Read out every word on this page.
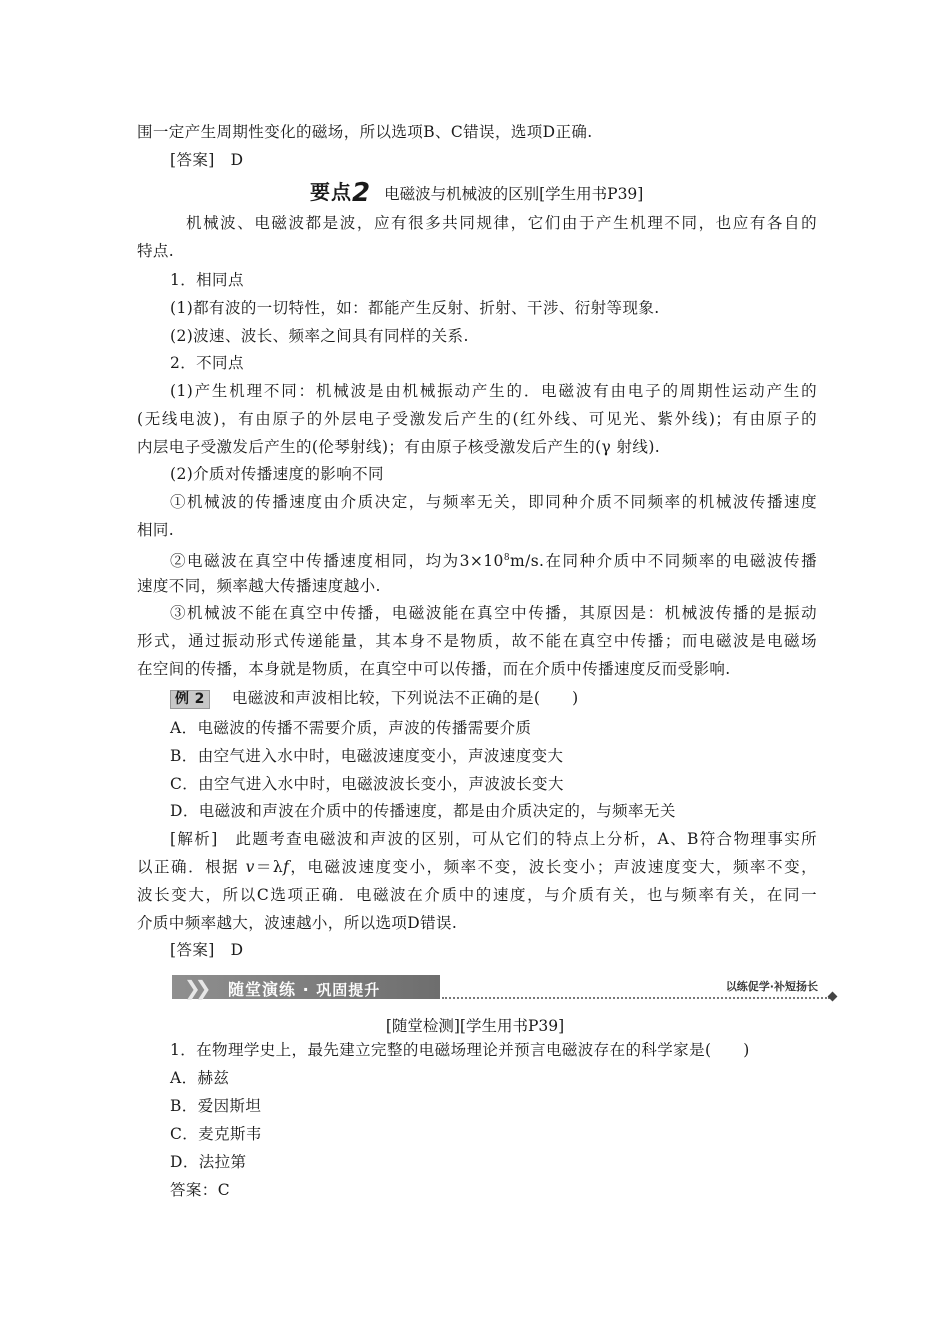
围一定产生周期性变化的磁场，所以选项B、C错误，选项D正确.
[答案]　D
要点2 电磁波与机械波的区别[学生用书P39]
机械波、电磁波都是波，应有很多共同规律，它们由于产生机理不同，也应有各自的
特点.
1．相同点
(1)都有波的一切特性，如：都能产生反射、折射、干涉、衍射等现象.
(2)波速、波长、频率之间具有同样的关系.
2．不同点
(1)产生机理不同：机械波是由机械振动产生的．电磁波有由电子的周期性运动产生的
(无线电波)，有由原子的外层电子受激发后产生的(红外线、可见光、紫外线)；有由原子的
内层电子受激发后产生的(伦琴射线)；有由原子核受激发后产生的(γ 射线).
(2)介质对传播速度的影响不同
①机械波的传播速度由介质决定，与频率无关，即同种介质不同频率的机械波传播速度
相同.
②电磁波在真空中传播速度相同，均为$3\times 10^8m/s$.在同种介质中不同频率的电磁波传播
速度不同，频率越大传播速度越小.
③机械波不能在真空中传播，电磁波能在真空中传播，其原因是：机械波传播的是振动
形式，通过振动形式传递能量，其本身不是物质，故不能在真空中传播；而电磁波是电磁场
在空间的传播，本身就是物质，在真空中可以传播，而在介质中传播速度反而受影响.
例 2 电磁波和声波相比较，下列说法不正确的是(　　)
A．电磁波的传播不需要介质，声波的传播需要介质
B．由空气进入水中时，电磁波速度变小，声波速度变大
C．由空气进入水中时，电磁波波长变小，声波波长变大
D．电磁波和声波在介质中的传播速度，都是由介质决定的，与频率无关
[解析]　此题考查电磁波和声波的区别，可从它们的特点上分析，A、B符合物理事实所
以正确．根据 v＝λf，电磁波速度变小，频率不变，波长变小；声波速度变大，频率不变，
波长变大，所以C选项正确．电磁波在介质中的速度，与介质有关，也与频率有关，在同一
介质中频率越大，波速越小，所以选项D错误.
[答案]　D
❯❯ 随堂演练 · 巩固提升	以练促学·补短扬长
[随堂检测][学生用书P39]
1．在物理学史上，最先建立完整的电磁场理论并预言电磁波存在的科学家是(　　)
A．赫兹
B．爱因斯坦
C．麦克斯韦
D．法拉第
答案：C
